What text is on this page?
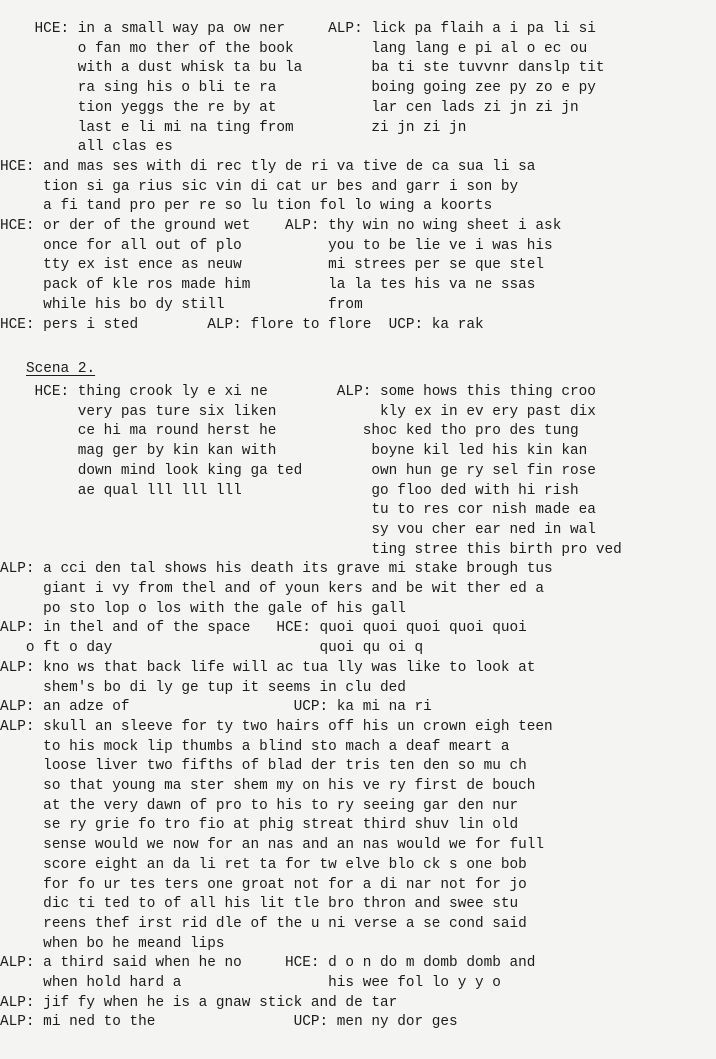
HCE: in a small way pa ow ner     ALP: lick pa flaih a i pa li si
o fan mo ther of the book         lang lang e pi al o ec ou
with a dust whisk ta bu la        ba ti ste tuvvnr danslp tit
ra sing his o bli te ra           boing going zee py zo e py
tion yeggs the re by at           lar cen lads zi jn zi jn
last e li mi na ting from         zi jn zi jn
all clas es
HCE: and mas ses with di rec tly de ri va tive de ca sua li sa
tion si ga rius sic vin di cat ur bes and garr i son by
a fi tand pro per re so lu tion fol lo wing a koorts
HCE: or der of the ground wet    ALP: thy win no wing sheet i ask
once for all out of plo          you to be lie ve i was his
tty ex ist ence as neuw          mi strees per se que stel
pack of kle ros made him         la la tes his va ne ssas
while his bo dy still            from
HCE: pers i sted        ALP: flore to flore  UCP: ka rak
Scena 2.
HCE: thing crook ly e xi ne        ALP: some hows this thing croo
very pas ture six liken            kly ex in ev ery past dix
ce hi ma round herst he          shoc ked tho pro des tung
mag ger by kin kan with           boyne kil led his kin kan
down mind look king ga ted        own hun ge ry sel fin rose
ae qual lll lll lll               go floo ded with hi rish
tu to res cor nish made ea
sy vou cher ear ned in wal
ting stree this birth pro ved
ALP: a cci den tal shows his death its grave mi stake brough tus
giant i vy from thel and of youn kers and be wit ther ed a
po sto lop o los with the gale of his gall
ALP: in thel and of the space   HCE: quoi quoi quoi quoi quoi
o ft o day                        quoi qu oi q
ALP: kno ws that back life will ac tua lly was like to look at
shem's bo di ly ge tup it seems in clu ded
ALP: an adze of                   UCP: ka mi na ri
ALP: skull an sleeve for ty two hairs off his un crown eigh teen
to his mock lip thumbs a blind sto mach a deaf meart a
loose liver two fifths of blad der tris ten den so mu ch
so that young ma ster shem my on his ve ry first de bouch
at the very dawn of pro to his to ry seeing gar den nur
se ry grie fo tro fio at phig streat third shuv lin old
sense would we now for an nas and an nas would we for full
score eight an da li ret ta for tw elve blo ck s one bob
for fo ur tes ters one groat not for a di nar not for jo
dic ti ted to of all his lit tle bro thron and swee stu
reens thef irst rid dle of the u ni verse a se cond said
when bo he meand lips
ALP: a third said when he no     HCE: d o n do m domb domb and
when hold hard a                 his wee fol lo y y o
ALP: jif fy when he is a gnaw stick and de tar
ALP: mi ned to the                UCP: men ny dor ges
